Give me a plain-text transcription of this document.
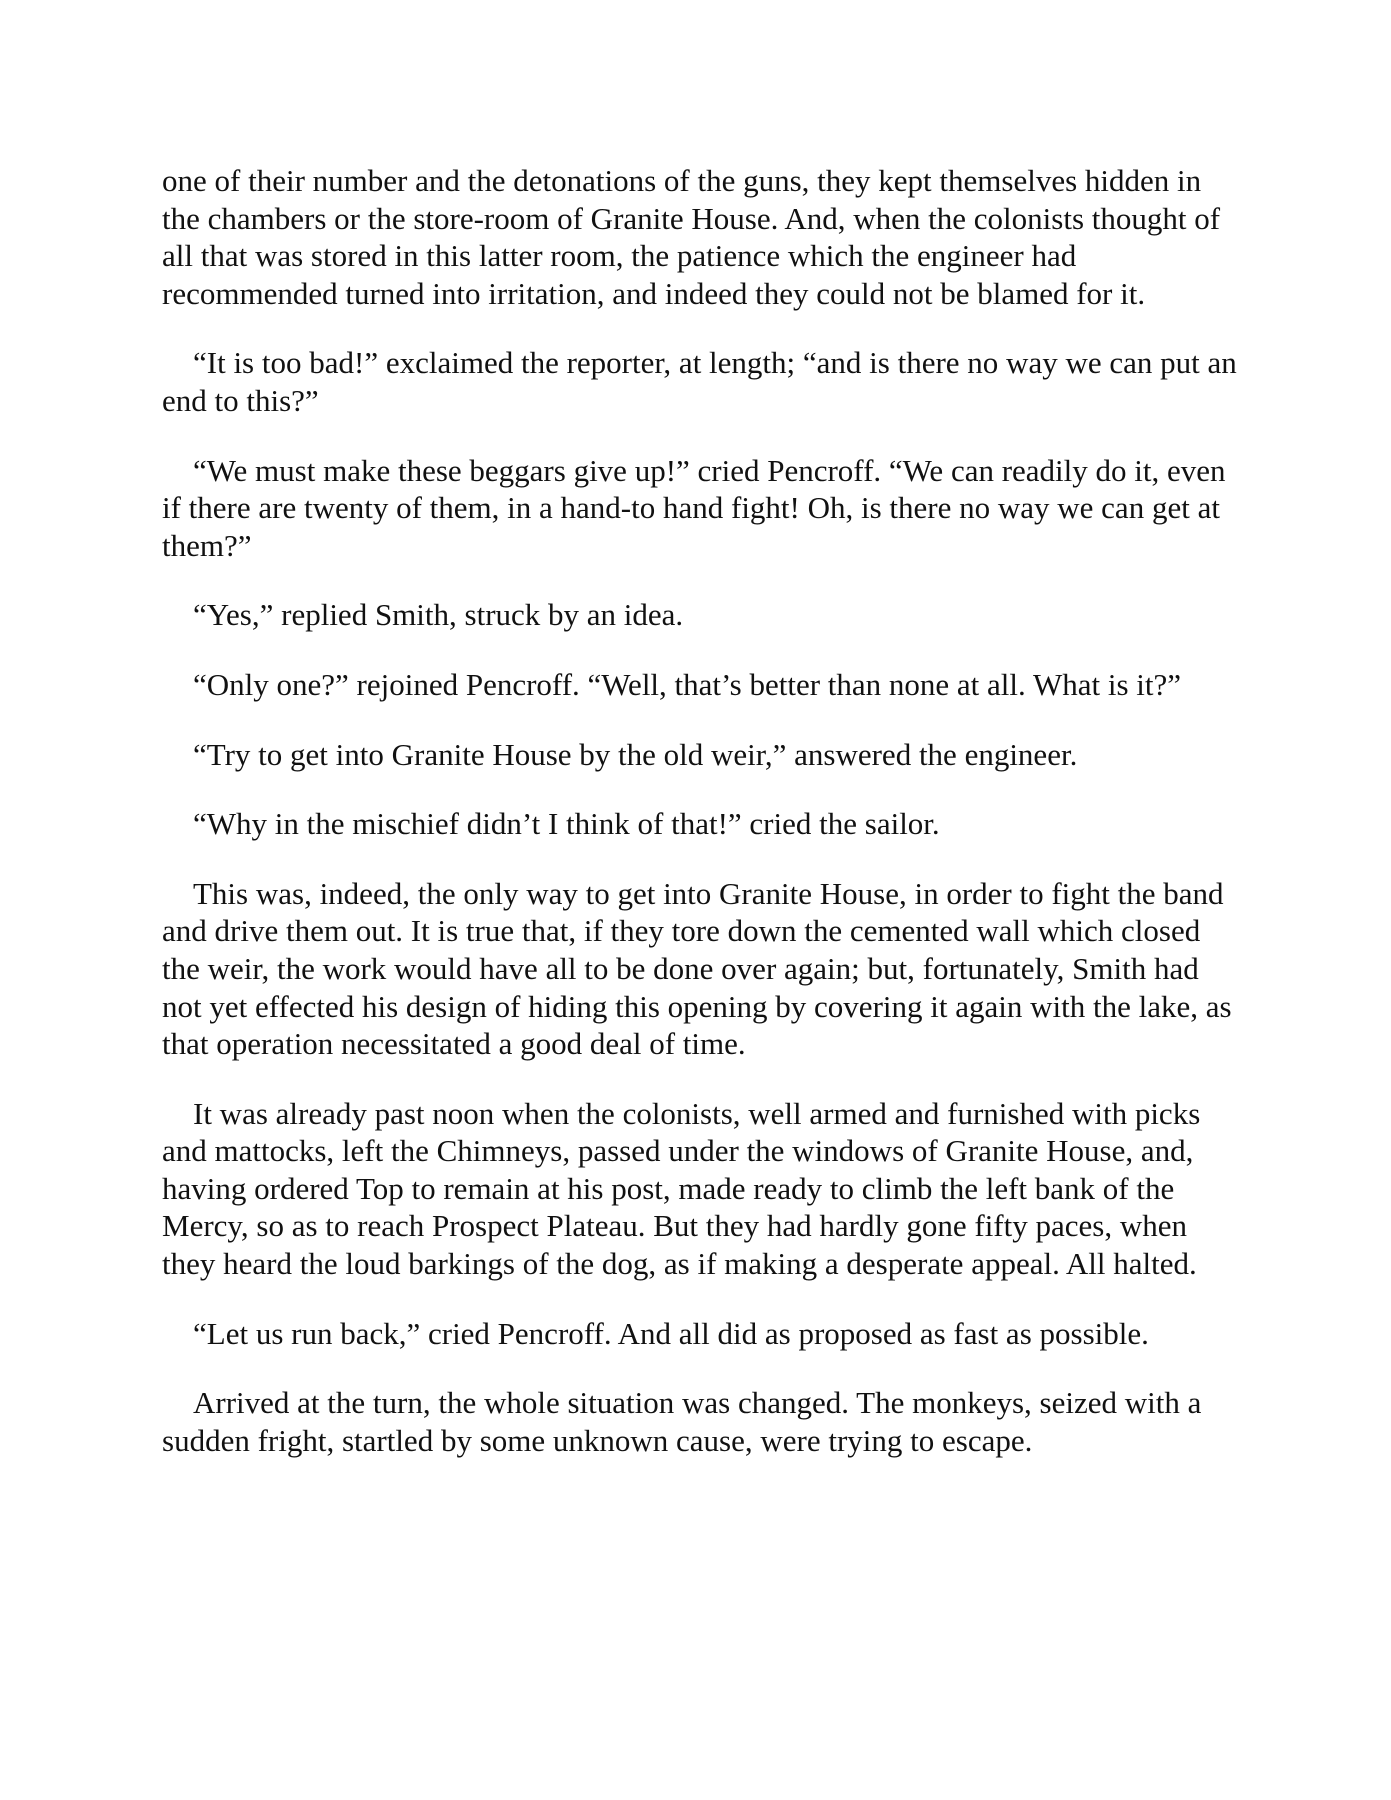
one of their number and the detonations of the guns, they kept themselves hidden in the chambers or the store-room of Granite House. And, when the colonists thought of all that was stored in this latter room, the patience which the engineer had recommended turned into irritation, and indeed they could not be blamed for it.

“It is too bad!” exclaimed the reporter, at length; “and is there no way we can put an end to this?”

“We must make these beggars give up!” cried Pencroff. “We can readily do it, even if there are twenty of them, in a hand-to hand fight! Oh, is there no way we can get at them?”

“Yes,” replied Smith, struck by an idea.

“Only one?” rejoined Pencroff. “Well, that’s better than none at all. What is it?”

“Try to get into Granite House by the old weir,” answered the engineer.

“Why in the mischief didn’t I think of that!” cried the sailor.

This was, indeed, the only way to get into Granite House, in order to fight the band and drive them out. It is true that, if they tore down the cemented wall which closed the weir, the work would have all to be done over again; but, fortunately, Smith had not yet effected his design of hiding this opening by covering it again with the lake, as that operation necessitated a good deal of time.

It was already past noon when the colonists, well armed and furnished with picks and mattocks, left the Chimneys, passed under the windows of Granite House, and, having ordered Top to remain at his post, made ready to climb the left bank of the Mercy, so as to reach Prospect Plateau. But they had hardly gone fifty paces, when they heard the loud barkings of the dog, as if making a desperate appeal. All halted.

“Let us run back,” cried Pencroff. And all did as proposed as fast as possible.

Arrived at the turn, the whole situation was changed. The monkeys, seized with a sudden fright, startled by some unknown cause, were trying to escape.
